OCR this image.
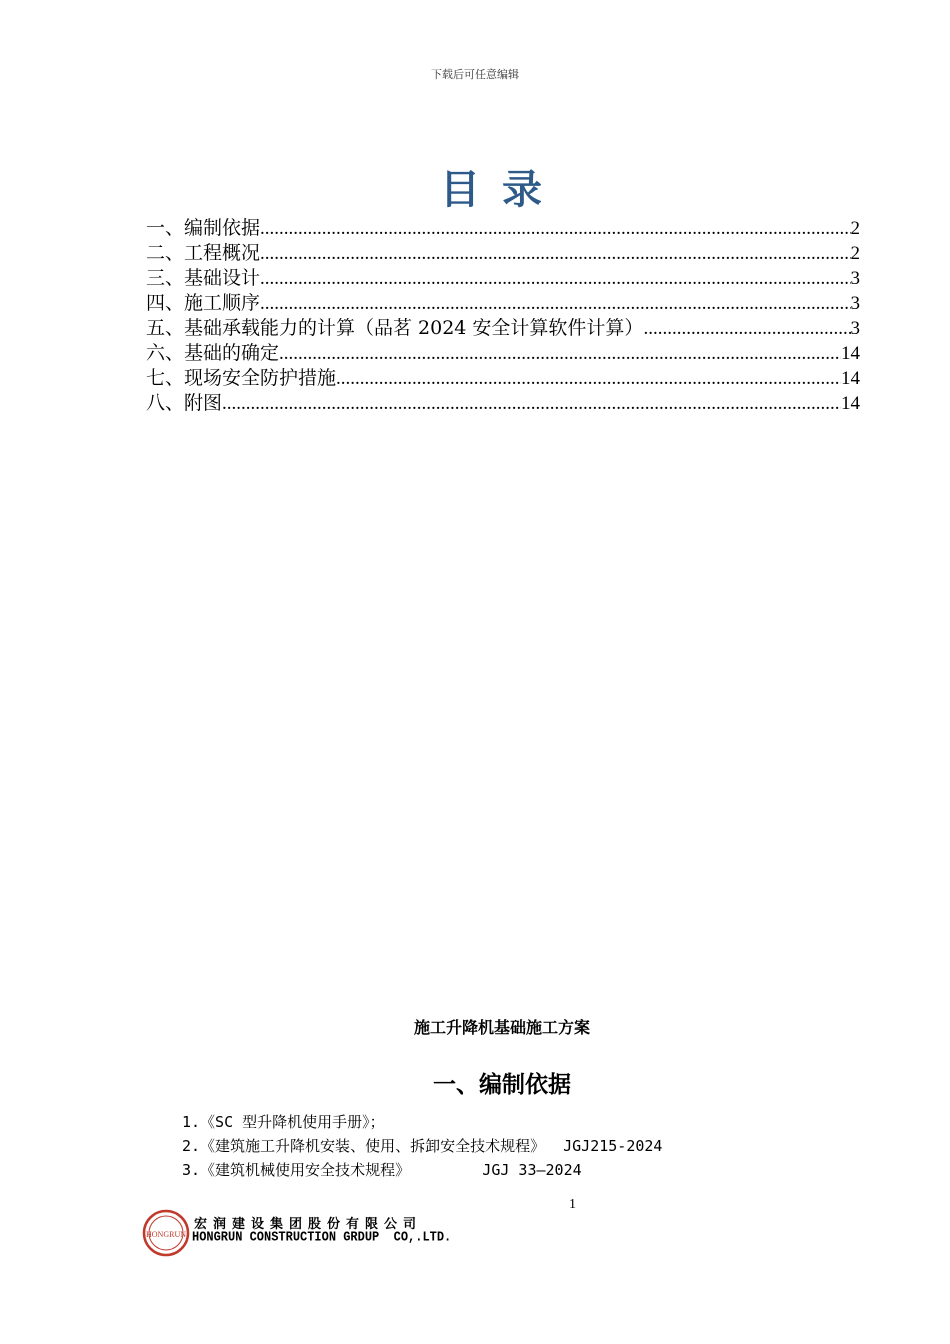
下载后可任意编辑
目录
一、编制依据 .....	2
二、工程概况 .....	2
三、基础设计 .....	3
四、施工顺序 .....	3
五、基础承载能力的计算（品茗 2024 安全计算软件计算） .....	3
六、基础的确定 .....	14
七、现场安全防护措施 .....	14
八、附图 .....	14
施工升降机基础施工方案
一、编制依据
1.《SC 型升降机使用手册》；
2.《建筑施工升降机安装、使用、拆卸安全技术规程》  JGJ215-2024
3.《建筑机械使用安全技术规程》        JGJ 33—2024
1
HONGRUN
宏润建设集团股份有限公司
HONGRUN CONSTRUCTION GRDUP  CO,.LTD.
